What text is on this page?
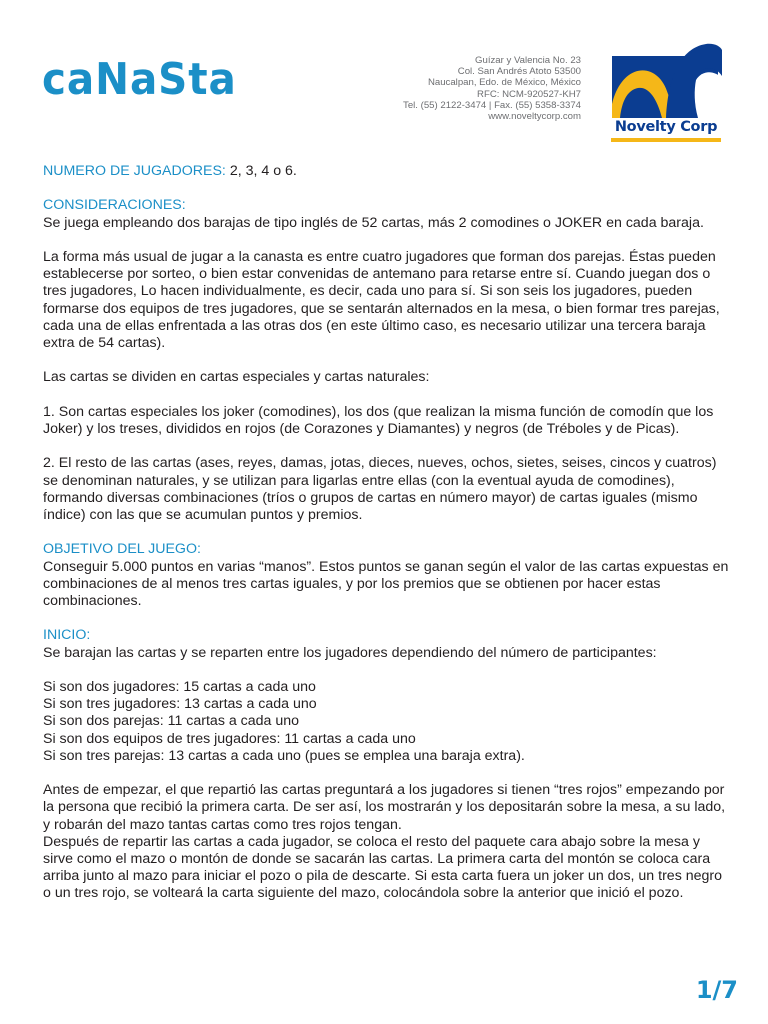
caNaSta	Guízar y Valencia No. 23
Col. San Andrés Atoto 53500
Naucalpan, Edo. de México, México
RFC: NCM-920527-KH7
Tel. (55) 2122-3474 | Fax. (55) 5358-3374
www.noveltycorp.com
Novelty Corp

NUMERO DE JUGADORES: 2, 3, 4 o 6.

CONSIDERACIONES:

Se juega empleando dos barajas de tipo inglés de 52 cartas, más 2 comodines o JOKER en cada baraja.

La forma más usual de jugar a la canasta es entre cuatro jugadores que forman dos parejas. Éstas pueden establecerse por sorteo, o bien estar convenidas de antemano para retarse entre sí. Cuando juegan dos o tres jugadores, Lo hacen individualmente, es decir, cada uno para sí. Si son seis los jugadores, pueden formarse dos equipos de tres jugadores, que se sentarán alternados en la mesa, o bien formar tres parejas, cada una de ellas enfrentada a las otras dos (en este último caso, es necesario utilizar una tercera baraja extra de 54 cartas).

Las cartas se dividen en cartas especiales y cartas naturales:

1. Son cartas especiales los joker (comodines), los dos (que realizan la misma función de comodín que los Joker) y los treses, divididos en rojos (de Corazones y Diamantes) y negros (de Tréboles y de Picas).

2. El resto de las cartas (ases, reyes, damas, jotas, dieces, nueves, ochos, sietes, seises, cincos y cuatros) se denominan naturales, y se utilizan para ligarlas entre ellas (con la eventual ayuda de comodines), formando diversas combinaciones (tríos o grupos de cartas en número mayor) de cartas iguales (mismo índice) con las que se acumulan puntos y premios.

OBJETIVO DEL JUEGO:

Conseguir 5.000 puntos en varias “manos”. Estos puntos se ganan según el valor de las cartas expuestas en combinaciones de al menos tres cartas iguales, y por los premios que se obtienen por hacer estas combinaciones.

INICIO:

Se barajan las cartas y se reparten entre los jugadores dependiendo del número de participantes:

Si son dos jugadores: 15 cartas a cada uno

Si son tres jugadores: 13 cartas a cada uno

Si son dos parejas: 11 cartas a cada uno

Si son dos equipos de tres jugadores: 11 cartas a cada uno

Si son tres parejas: 13 cartas a cada uno (pues se emplea una baraja extra).

Antes de empezar, el que repartió las cartas preguntará a los jugadores si tienen “tres rojos” empezando por la persona que recibió la primera carta. De ser así, los mostrarán y los depositarán sobre la mesa, a su lado, y robarán del mazo tantas cartas como tres rojos tengan.

Después de repartir las cartas a cada jugador, se coloca el resto del paquete cara abajo sobre la mesa y sirve como el mazo o montón de donde se sacarán las cartas. La primera carta del montón se coloca cara arriba junto al mazo para iniciar el pozo o pila de descarte. Si esta carta fuera un joker un dos, un tres negro o un tres rojo, se volteará la carta siguiente del mazo, colocándola sobre la anterior que inició el pozo.

1/7
